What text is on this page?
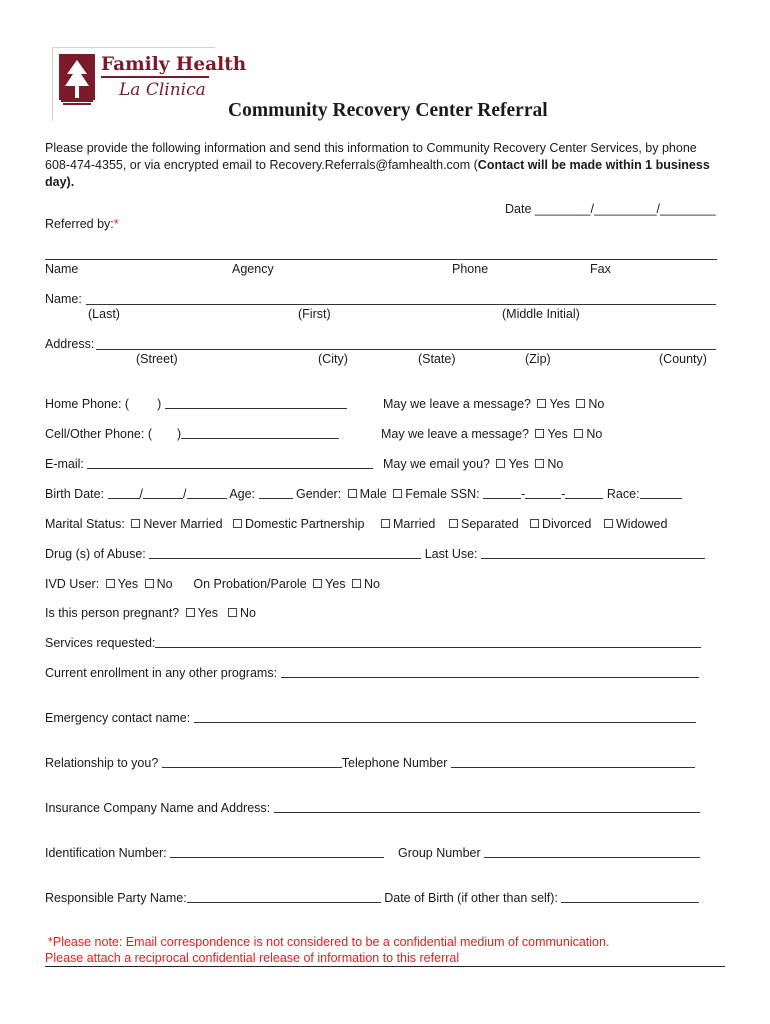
Family Health
La Clinica
Community Recovery Center Referral
Please provide the following information and send this information to Community Recovery Center Services, by phone 608-474-4355, or via encrypted email to Recovery.Referrals@famhealth.com (Contact will be made within 1 business day).
Date ________/_________/________
Referred by:*
Name	Agency	Phone	Fax
Name:
(Last)	(First)	(Middle Initial)
Address:
(Street)	(City)	(State)	(Zip)	(County)
Home Phone: ( )	May we leave a message? Yes No
Cell/Other Phone: ( )	May we leave a message? Yes No
E-mail:	May we email you? Yes No
Birth Date:	/	/	Age:	Gender: Male Female SSN:	-	-	Race:
Marital Status: Never Married	Domestic Partnership	Married	Separated	Divorced	Widowed
Drug (s) of Abuse:	Last Use:
IVD User: Yes No On Probation/Parole Yes No
Is this person pregnant? Yes No
Services requested:
Current enrollment in any other programs:
Emergency contact name:
Relationship to you?	Telephone Number
Insurance Company Name and Address:
Identification Number:	Group Number
Responsible Party Name:	Date of Birth (if other than self):
*Please note: Email correspondence is not considered to be a confidential medium of communication.
Please attach a reciprocal confidential release of information to this referral
